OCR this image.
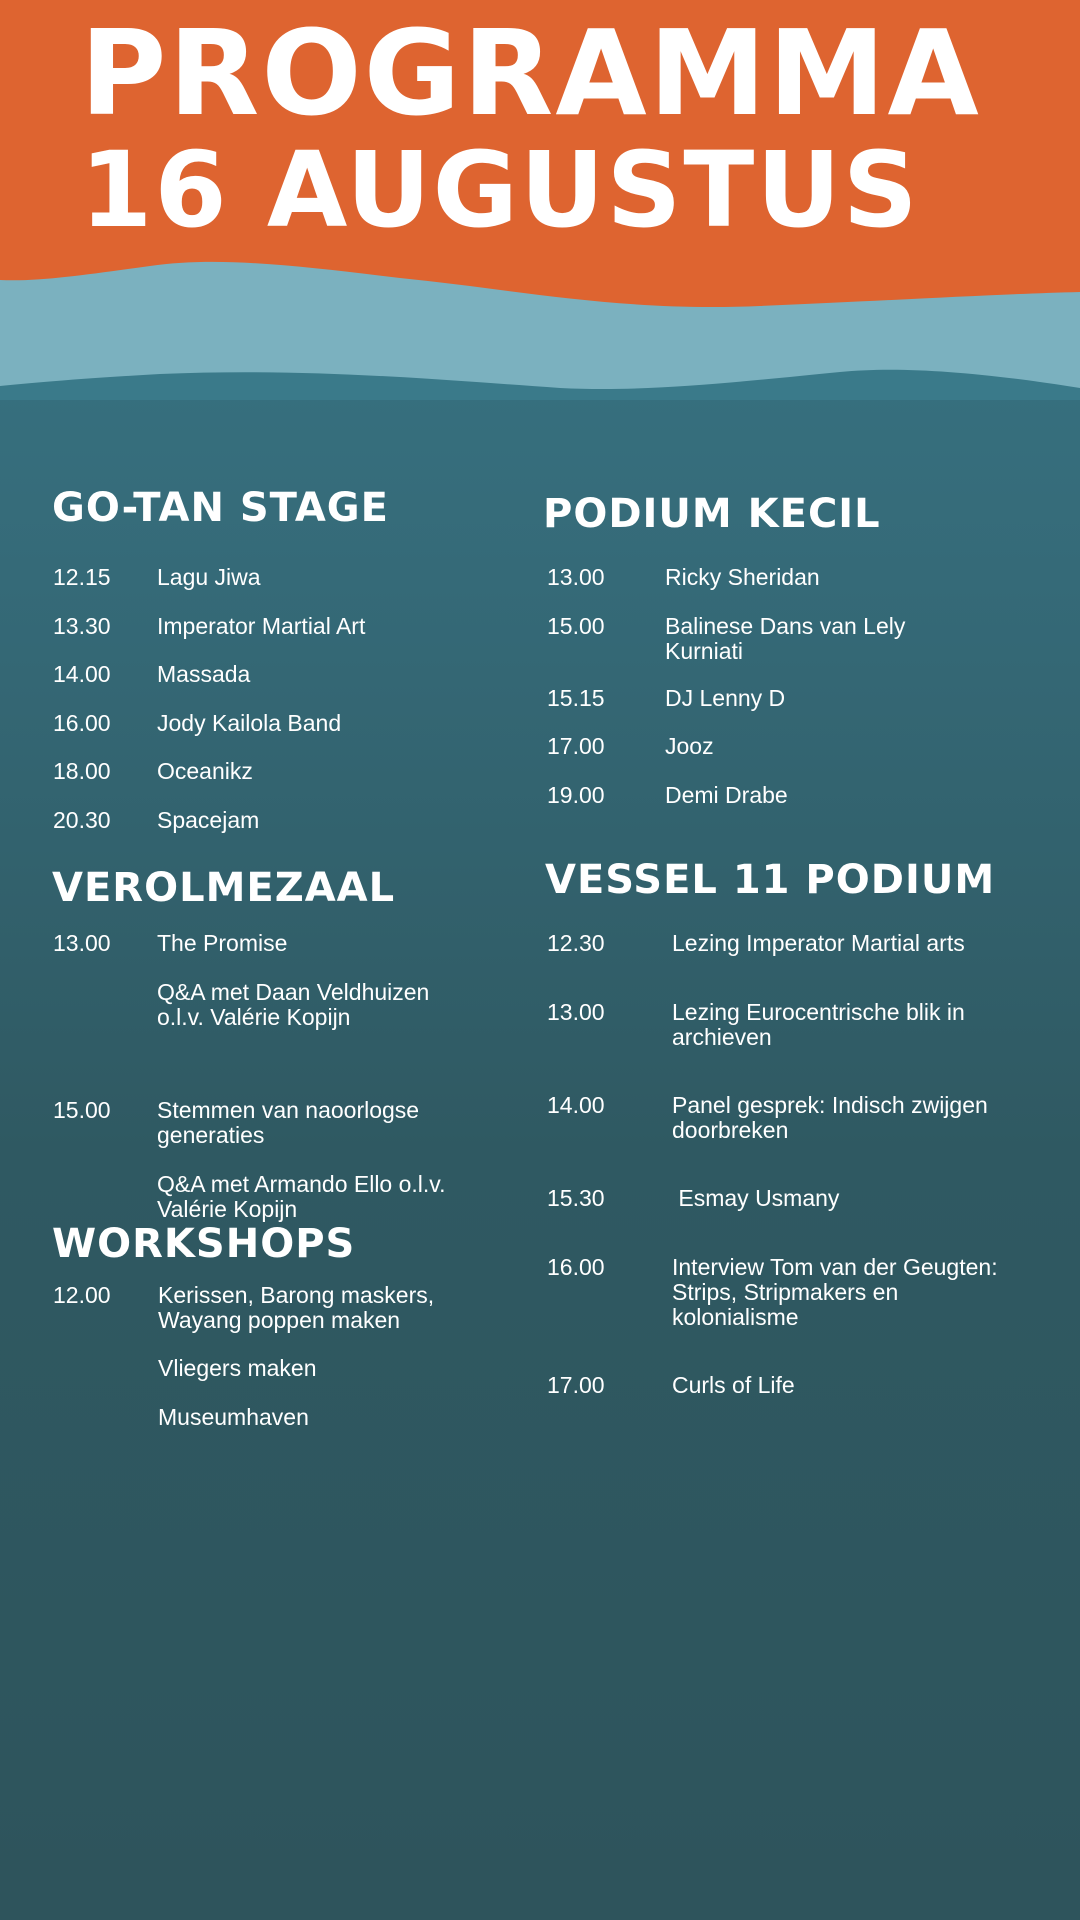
PROGRAMMA
16 AUGUSTUS
GO-TAN STAGE
12.15 Lagu Jiwa
13.30 Imperator Martial Art
14.00 Massada
16.00 Jody Kailola Band
18.00 Oceanikz
20.30 Spacejam
VEROLMEZAAL
13.00 The Promise
Q&A met Daan Veldhuizen o.l.v. Valérie Kopijn
15.00 Stemmen van naoorlogse generaties
Q&A met Armando Ello o.l.v. Valérie Kopijn
WORKSHOPS
12.00 Kerissen, Barong maskers, Wayang poppen maken
Vliegers maken
Museumhaven
PODIUM KECIL
13.00	Ricky Sheridan
15.00	Balinese Dans van Lely Kurniati
15.15	DJ Lenny D
17.00	Jooz
19.00	Demi Drabe
VESSEL 11 PODIUM
12.30	Lezing Imperator Martial arts
13.00	Lezing Eurocentrische blik in archieven
14.00	Panel gesprek: Indisch zwijgen doorbreken
15.30	Esmay Usmany
16.00	Interview Tom van der Geugten: Strips, Stripmakers en kolonialisme
17.00	Curls of Life
